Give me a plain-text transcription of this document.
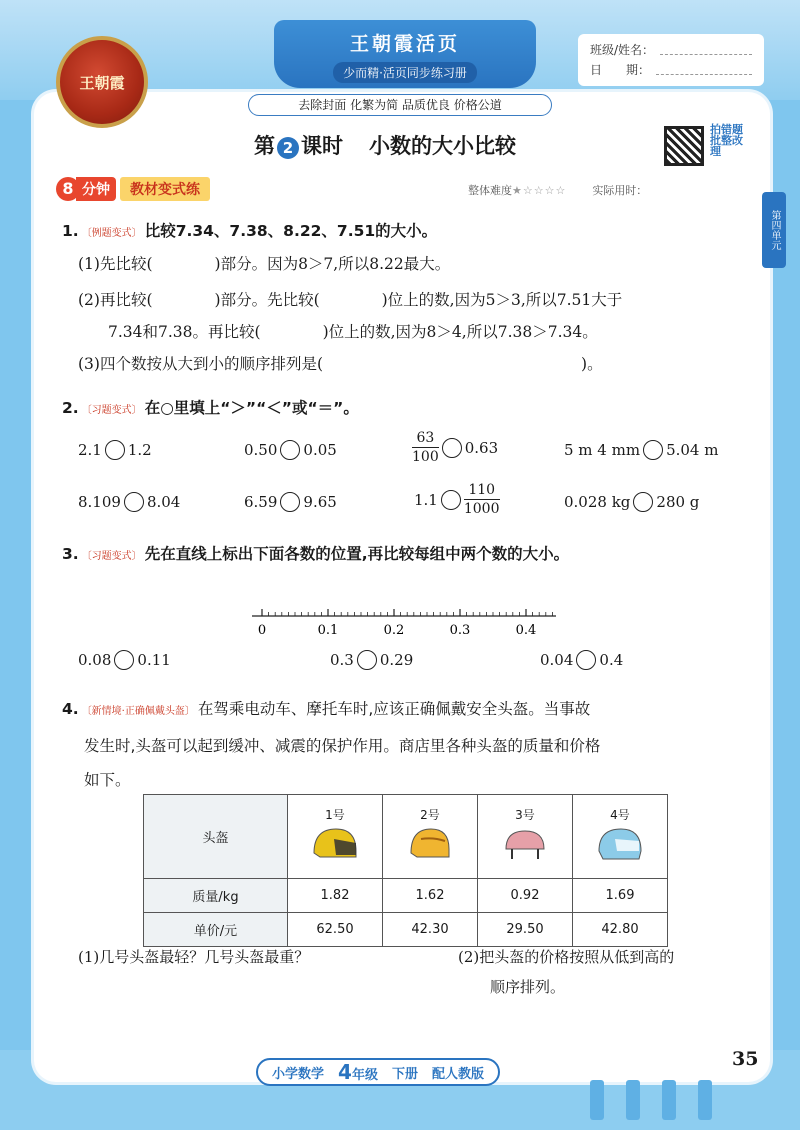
王朝霞
王朝霞活页
少而精·活页同步练习册
去除封面 化繁为简 品质优良 价格公道
班级/姓名：
日　　期：
第 2 课时 小数的大小比较
拍错题批整改理
第四单元
8 分钟	教材变式练	整体难度★☆☆☆☆ 实际用时：
1. 〔例题变式〕 比较7.34、7.38、8.22、7.51的大小。
(1)先比较(	)部分。因为8＞7,所以8.22最大。
(2)再比较(	)部分。先比较(	)位上的数,因为5＞3,所以7.51大于
7.34和7.38。再比较(	)位上的数,因为8＞4,所以7.38＞7.34。
(3)四个数按从大到小的顺序排列是(	)。
2. 〔习题变式〕 在○里填上“＞”“＜”或“＝”。
2.1 1.2	0.50 0.05	$\frac{63}{100} 0.63$	5 m 4 mm 5.04 m
8.109 8.04	6.59 9.65	$1.1 \frac{110}{1000}$	0.028 kg 280 g
3. 〔习题变式〕 先在直线上标出下面各数的位置,再比较每组中两个数的大小。
0	0.1	0.2	0.3	0.4
0.08 0.11	0.3 0.29	0.04 0.4
4. 〔新情境·正确佩戴头盔〕 在驾乘电动车、摩托车时,应该正确佩戴安全头盔。当事故
发生时,头盔可以起到缓冲、减震的保护作用。商店里各种头盔的质量和价格
如下。
头盔	1号	2号	3号	4号

质量/kg	1.82	1.62	0.92	1.69
单价/元	62.50	42.30	29.50	42.80
(1)几号头盔最轻？几号头盔最重？	(2)把头盔的价格按照从低到高的
顺序排列。
小学数学 4年级 下册 配人教版
35
